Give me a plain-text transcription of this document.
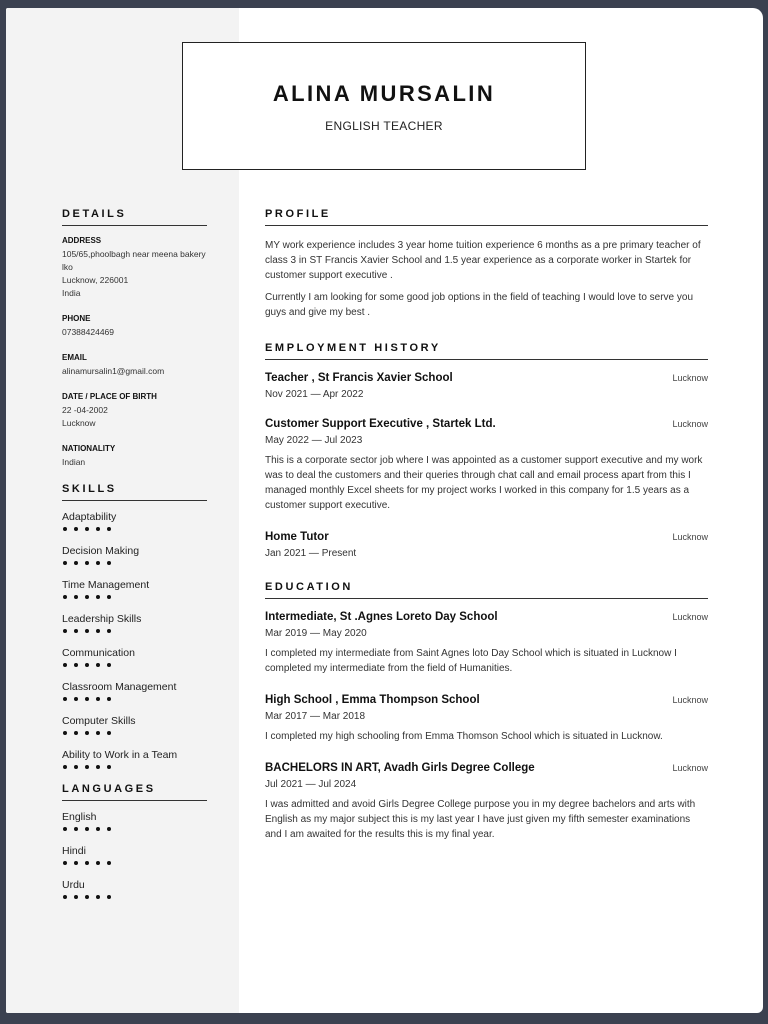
ALINA MURSALIN
ENGLISH TEACHER
DETAILS
ADDRESS
105/65,phoolbagh near meena bakery lko
Lucknow, 226001
India
PHONE
07388424469
EMAIL
alinamursalin1@gmail.com
DATE / PLACE OF BIRTH
22 -04-2002
Lucknow
NATIONALITY
Indian
SKILLS
Adaptability
Decision Making
Time Management
Leadership Skills
Communication
Classroom Management
Computer Skills
Ability to Work in a Team
LANGUAGES
English
Hindi
Urdu
PROFILE

MY work experience includes 3 year home tuition experience 6 months as a pre primary teacher of class 3 in ST Francis Xavier School and 1.5 year experience as a corporate worker in Startek for customer support executive .

Currently I am looking for some good job options in the field of teaching I would love to serve you guys and give my best .

EMPLOYMENT HISTORY
Teacher , St Francis Xavier School	Lucknow
Nov 2021 — Apr 2022
Customer Support Executive , Startek Ltd.	Lucknow
May 2022 — Jul 2023
This is a corporate sector job where I was appointed as a customer support executive and my work was to deal the customers and their queries through chat call and email process apart from this I managed monthly Excel sheets for my project works I worked in this company for 1.5 years as a customer support executive.
Home Tutor	Lucknow
Jan 2021 — Present
EDUCATION
Intermediate, St .Agnes Loreto Day School	Lucknow
Mar 2019 — May 2020
I completed my intermediate from Saint Agnes loto Day School which is situated in Lucknow I completed my intermediate from the field of Humanities.
High School , Emma Thompson School	Lucknow
Mar 2017 — Mar 2018
I completed my high schooling from Emma Thomson School which is situated in Lucknow.
BACHELORS IN ART, Avadh Girls Degree College	Lucknow
Jul 2021 — Jul 2024
I was admitted and avoid Girls Degree College purpose you in my degree bachelors and arts with English as my major subject this is my last year I have just given my fifth semester examinations and I am awaited for the results this is my final year.
